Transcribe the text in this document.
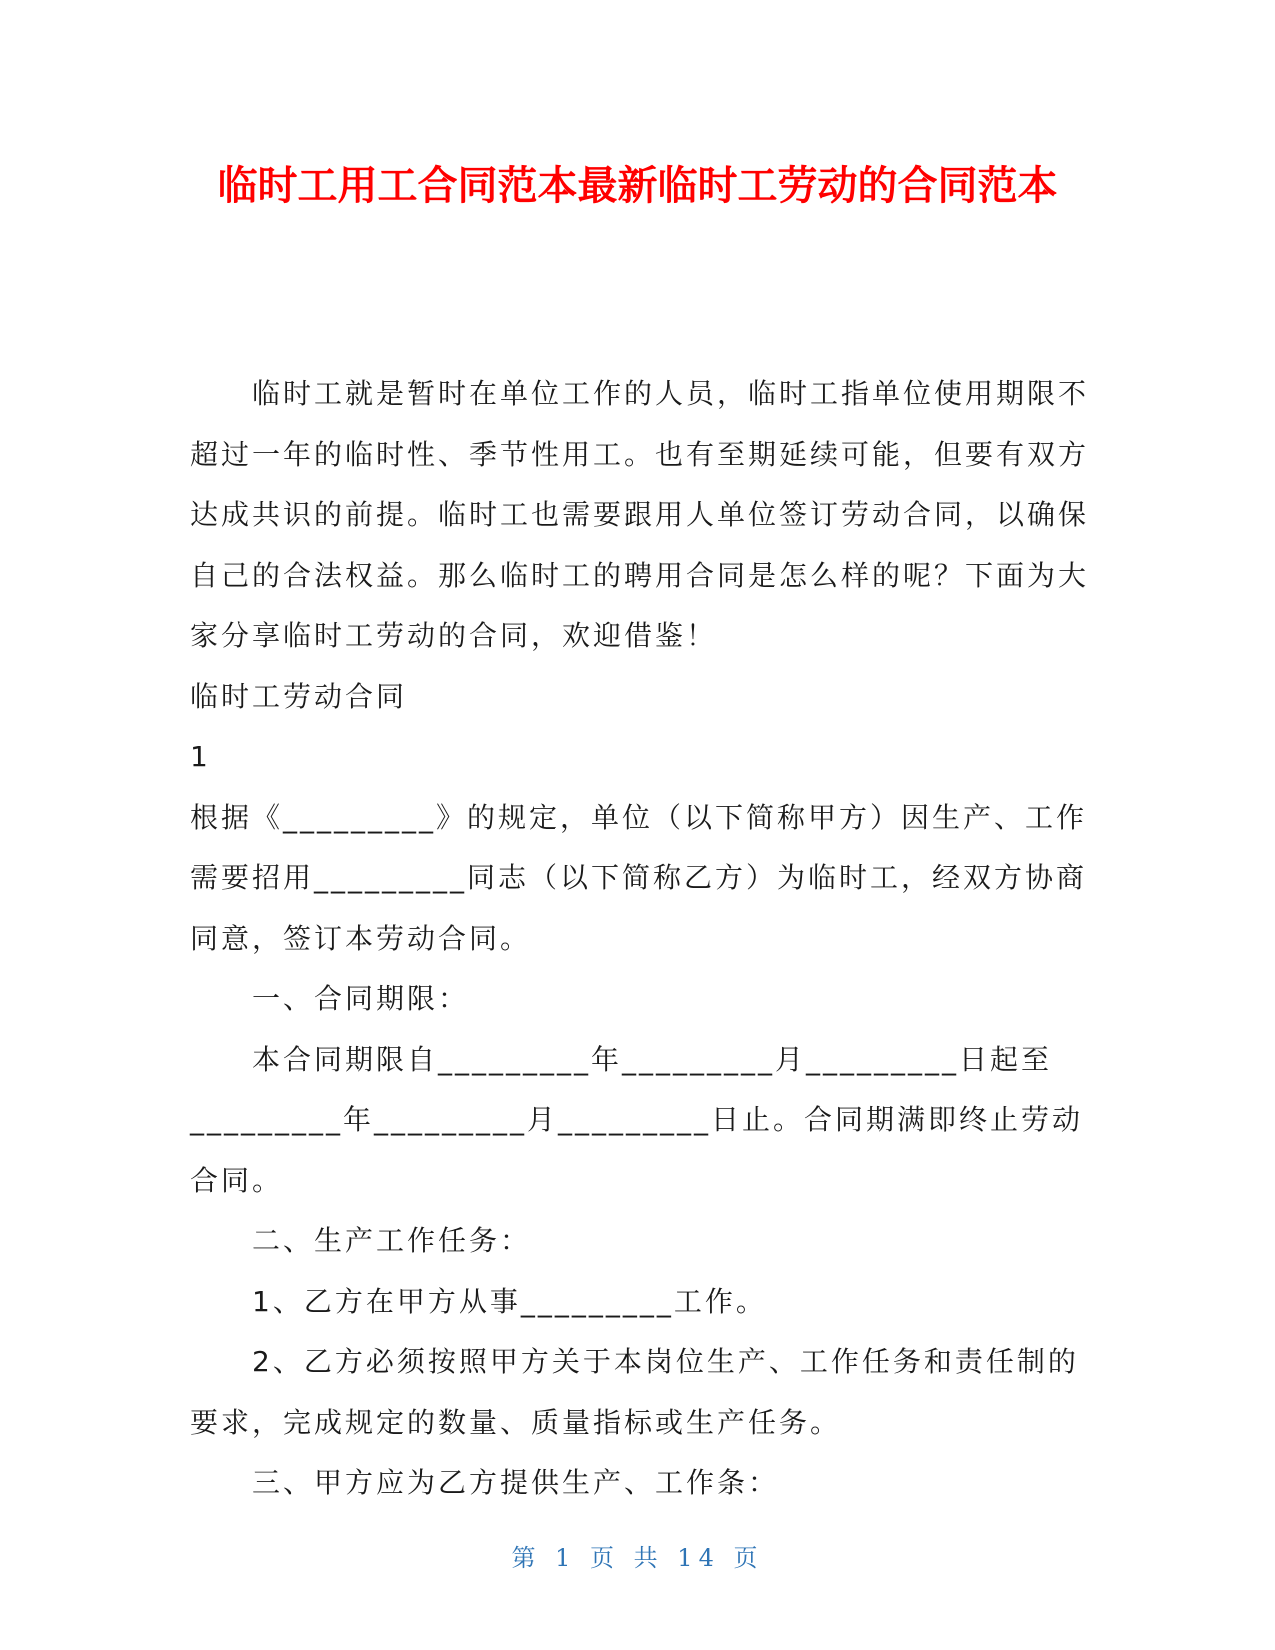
临时工用工合同范本最新临时工劳动的合同范本

临时工就是暂时在单位工作的人员，临时工指单位使用期限不超过一年的临时性、季节性用工。也有至期延续可能，但要有双方达成共识的前提。临时工也需要跟用人单位签订劳动合同，以确保自己的合法权益。那么临时工的聘用合同是怎么样的呢？下面为大家分享临时工劳动的合同，欢迎借鉴！

临时工劳动合同

1

根据《_________》的规定，单位（以下简称甲方）因生产、工作需要招用_________同志（以下简称乙方）为临时工，经双方协商同意，签订本劳动合同。

一、合同期限：

本合同期限自_________年_________月_________日起至_________年_________月_________日止。合同期满即终止劳动合同。

二、生产工作任务：

1、乙方在甲方从事_________工作。

2、乙方必须按照甲方关于本岗位生产、工作任务和责任制的要求，完成规定的数量、质量指标或生产任务。

三、甲方应为乙方提供生产、工作条：

第 1 页 共 14 页
